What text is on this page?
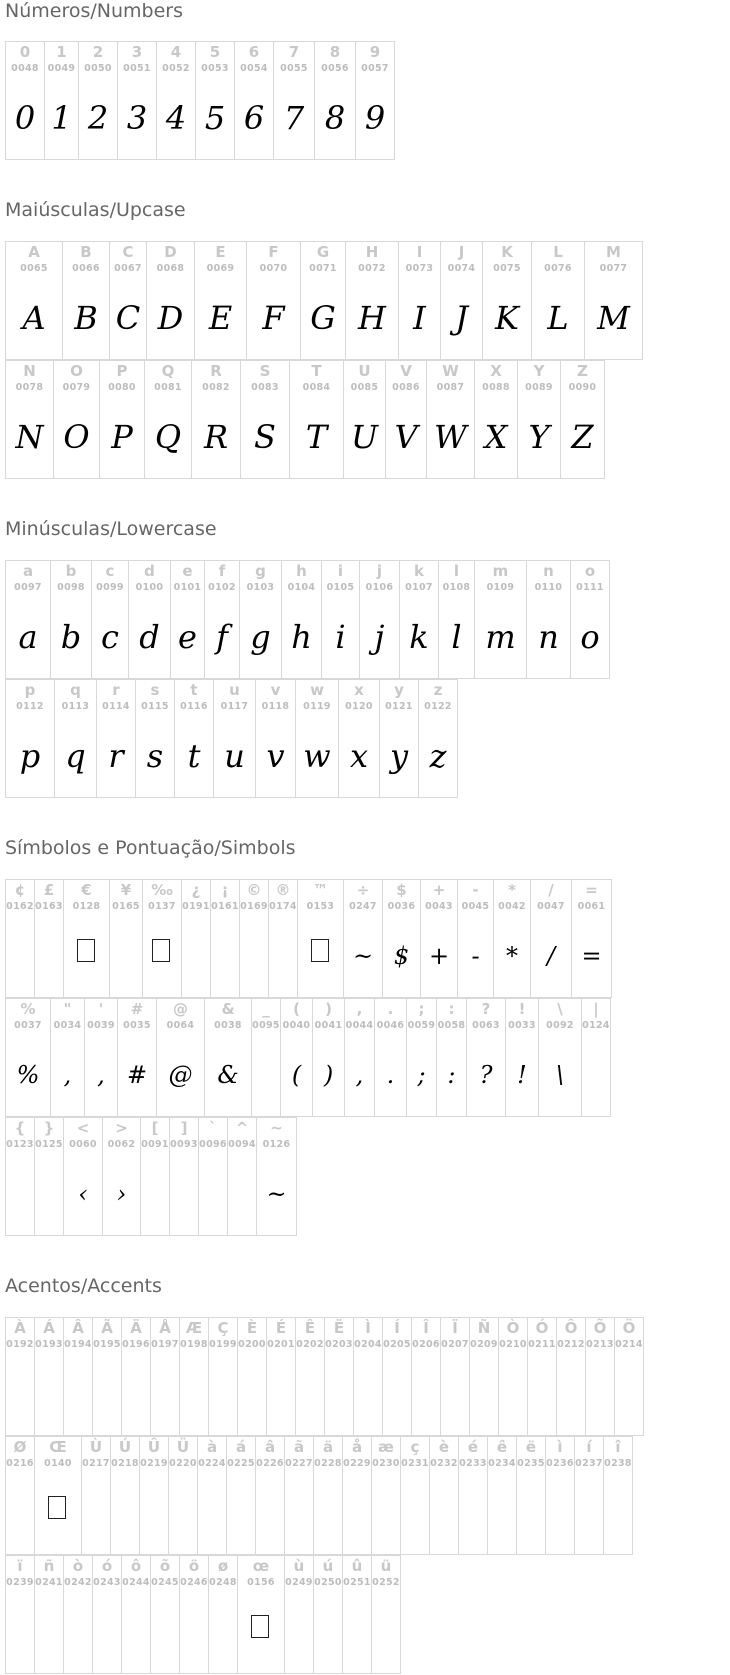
Números/Numbers
Maiúsculas/Upcase
Minúsculas/Lowercase
Símbolos e Pontuação/Simbols
Acentos/Accents
0
0048
0
1
0049
1
2
0050
2
3
0051
3
4
0052
4
5
0053
5
6
0054
6
7
0055
7
8
0056
8
9
0057
9
A
0065
A
B
0066
B
C
0067
C
D
0068
D
E
0069
E
F
0070
F
G
0071
G
H
0072
H
I
0073
I
J
0074
J
K
0075
K
L
0076
L
M
0077
M
N
0078
N
O
0079
O
P
0080
P
Q
0081
Q
R
0082
R
S
0083
S
T
0084
T
U
0085
U
V
0086
V
W
0087
W
X
0088
X
Y
0089
Y
Z
0090
Z
a
0097
a
b
0098
b
c
0099
c
d
0100
d
e
0101
e
f
0102
f
g
0103
g
h
0104
h
i
0105
i
j
0106
j
k
0107
k
l
0108
l
m
0109
m
n
0110
n
o
0111
o
p
0112
p
q
0113
q
r
0114
r
s
0115
s
t
0116
t
u
0117
u
v
0118
v
w
0119
w
x
0120
x
y
0121
y
z
0122
z
¢
0162
£
0163
€
0128
¥
0165
‰
0137
¿
0191
¡
0161
©
0169
®
0174
™
0153
÷
0247
~
$
0036
$
+
0043
+
-
0045
-
*
0042
*
/
0047
/
=
0061
=
%
0037
%
"
0034
,
'
0039
,
#
0035
#
@
0064
@
&
0038
&
_
0095
(
0040
(
)
0041
)
,
0044
,
.
0046
.
;
0059
;
:
0058
:
?
0063
?
!
0033
!
\
0092
\
|
0124
{
0123
}
0125
<
0060
‹
>
0062
›
[
0091
]
0093
`
0096
^
0094
~
0126
~
À
0192
Á
0193
Â
0194
Ã
0195
Ä
0196
Å
0197
Æ
0198
Ç
0199
È
0200
É
0201
Ê
0202
Ë
0203
Ì
0204
Í
0205
Î
0206
Ï
0207
Ñ
0209
Ò
0210
Ó
0211
Ô
0212
Õ
0213
Ö
0214
Ø
0216
Œ
0140
Ù
0217
Ú
0218
Û
0219
Ü
0220
à
0224
á
0225
â
0226
ã
0227
ä
0228
å
0229
æ
0230
ç
0231
è
0232
é
0233
ê
0234
ë
0235
ì
0236
í
0237
î
0238
ï
0239
ñ
0241
ò
0242
ó
0243
ô
0244
õ
0245
ö
0246
ø
0248
œ
0156
ù
0249
ú
0250
û
0251
ü
0252
